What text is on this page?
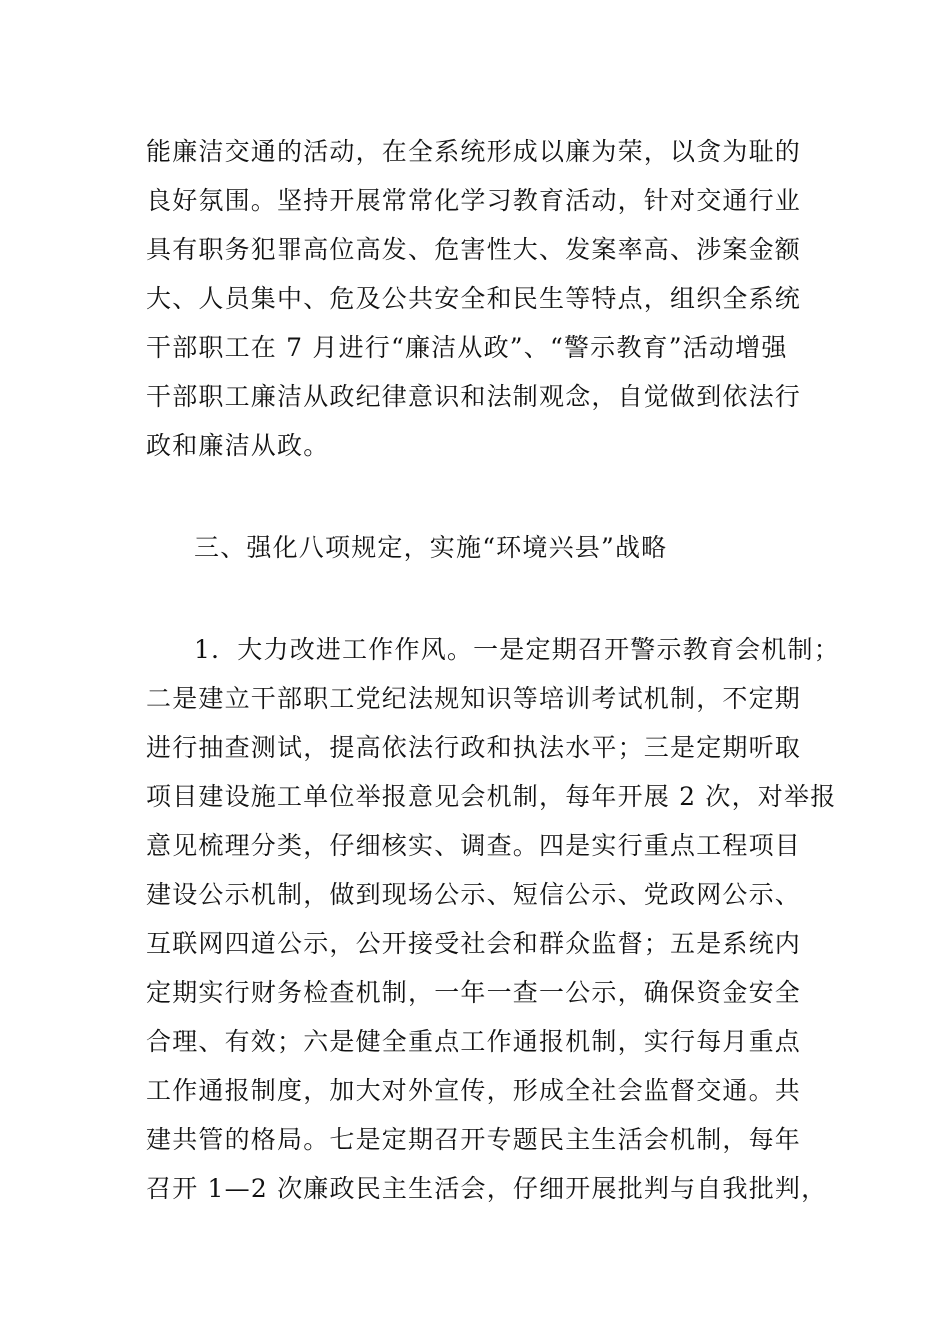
能廉洁交通的活动，在全系统形成以廉为荣，以贪为耻的
良好氛围。坚持开展常常化学习教育活动，针对交通行业
具有职务犯罪高位高发、危害性大、发案率高、涉案金额
大、人员集中、危及公共安全和民生等特点，组织全系统
干部职工在 7 月进行“廉洁从政”、“警示教育”活动增强
干部职工廉洁从政纪律意识和法制观念，自觉做到依法行
政和廉洁从政。
三、强化八项规定，实施“环境兴县”战略
1．大力改进工作作风。一是定期召开警示教育会机制；
二是建立干部职工党纪法规知识等培训考试机制，不定期
进行抽查测试，提高依法行政和执法水平；三是定期听取
项目建设施工单位举报意见会机制，每年开展 2 次，对举报
意见梳理分类，仔细核实、调查。四是实行重点工程项目
建设公示机制，做到现场公示、短信公示、党政网公示、
互联网四道公示，公开接受社会和群众监督；五是系统内
定期实行财务检查机制，一年一查一公示，确保资金安全
合理、有效；六是健全重点工作通报机制，实行每月重点
工作通报制度，加大对外宣传，形成全社会监督交通。共
建共管的格局。七是定期召开专题民主生活会机制，每年
召开 1—2 次廉政民主生活会，仔细开展批判与自我批判，
